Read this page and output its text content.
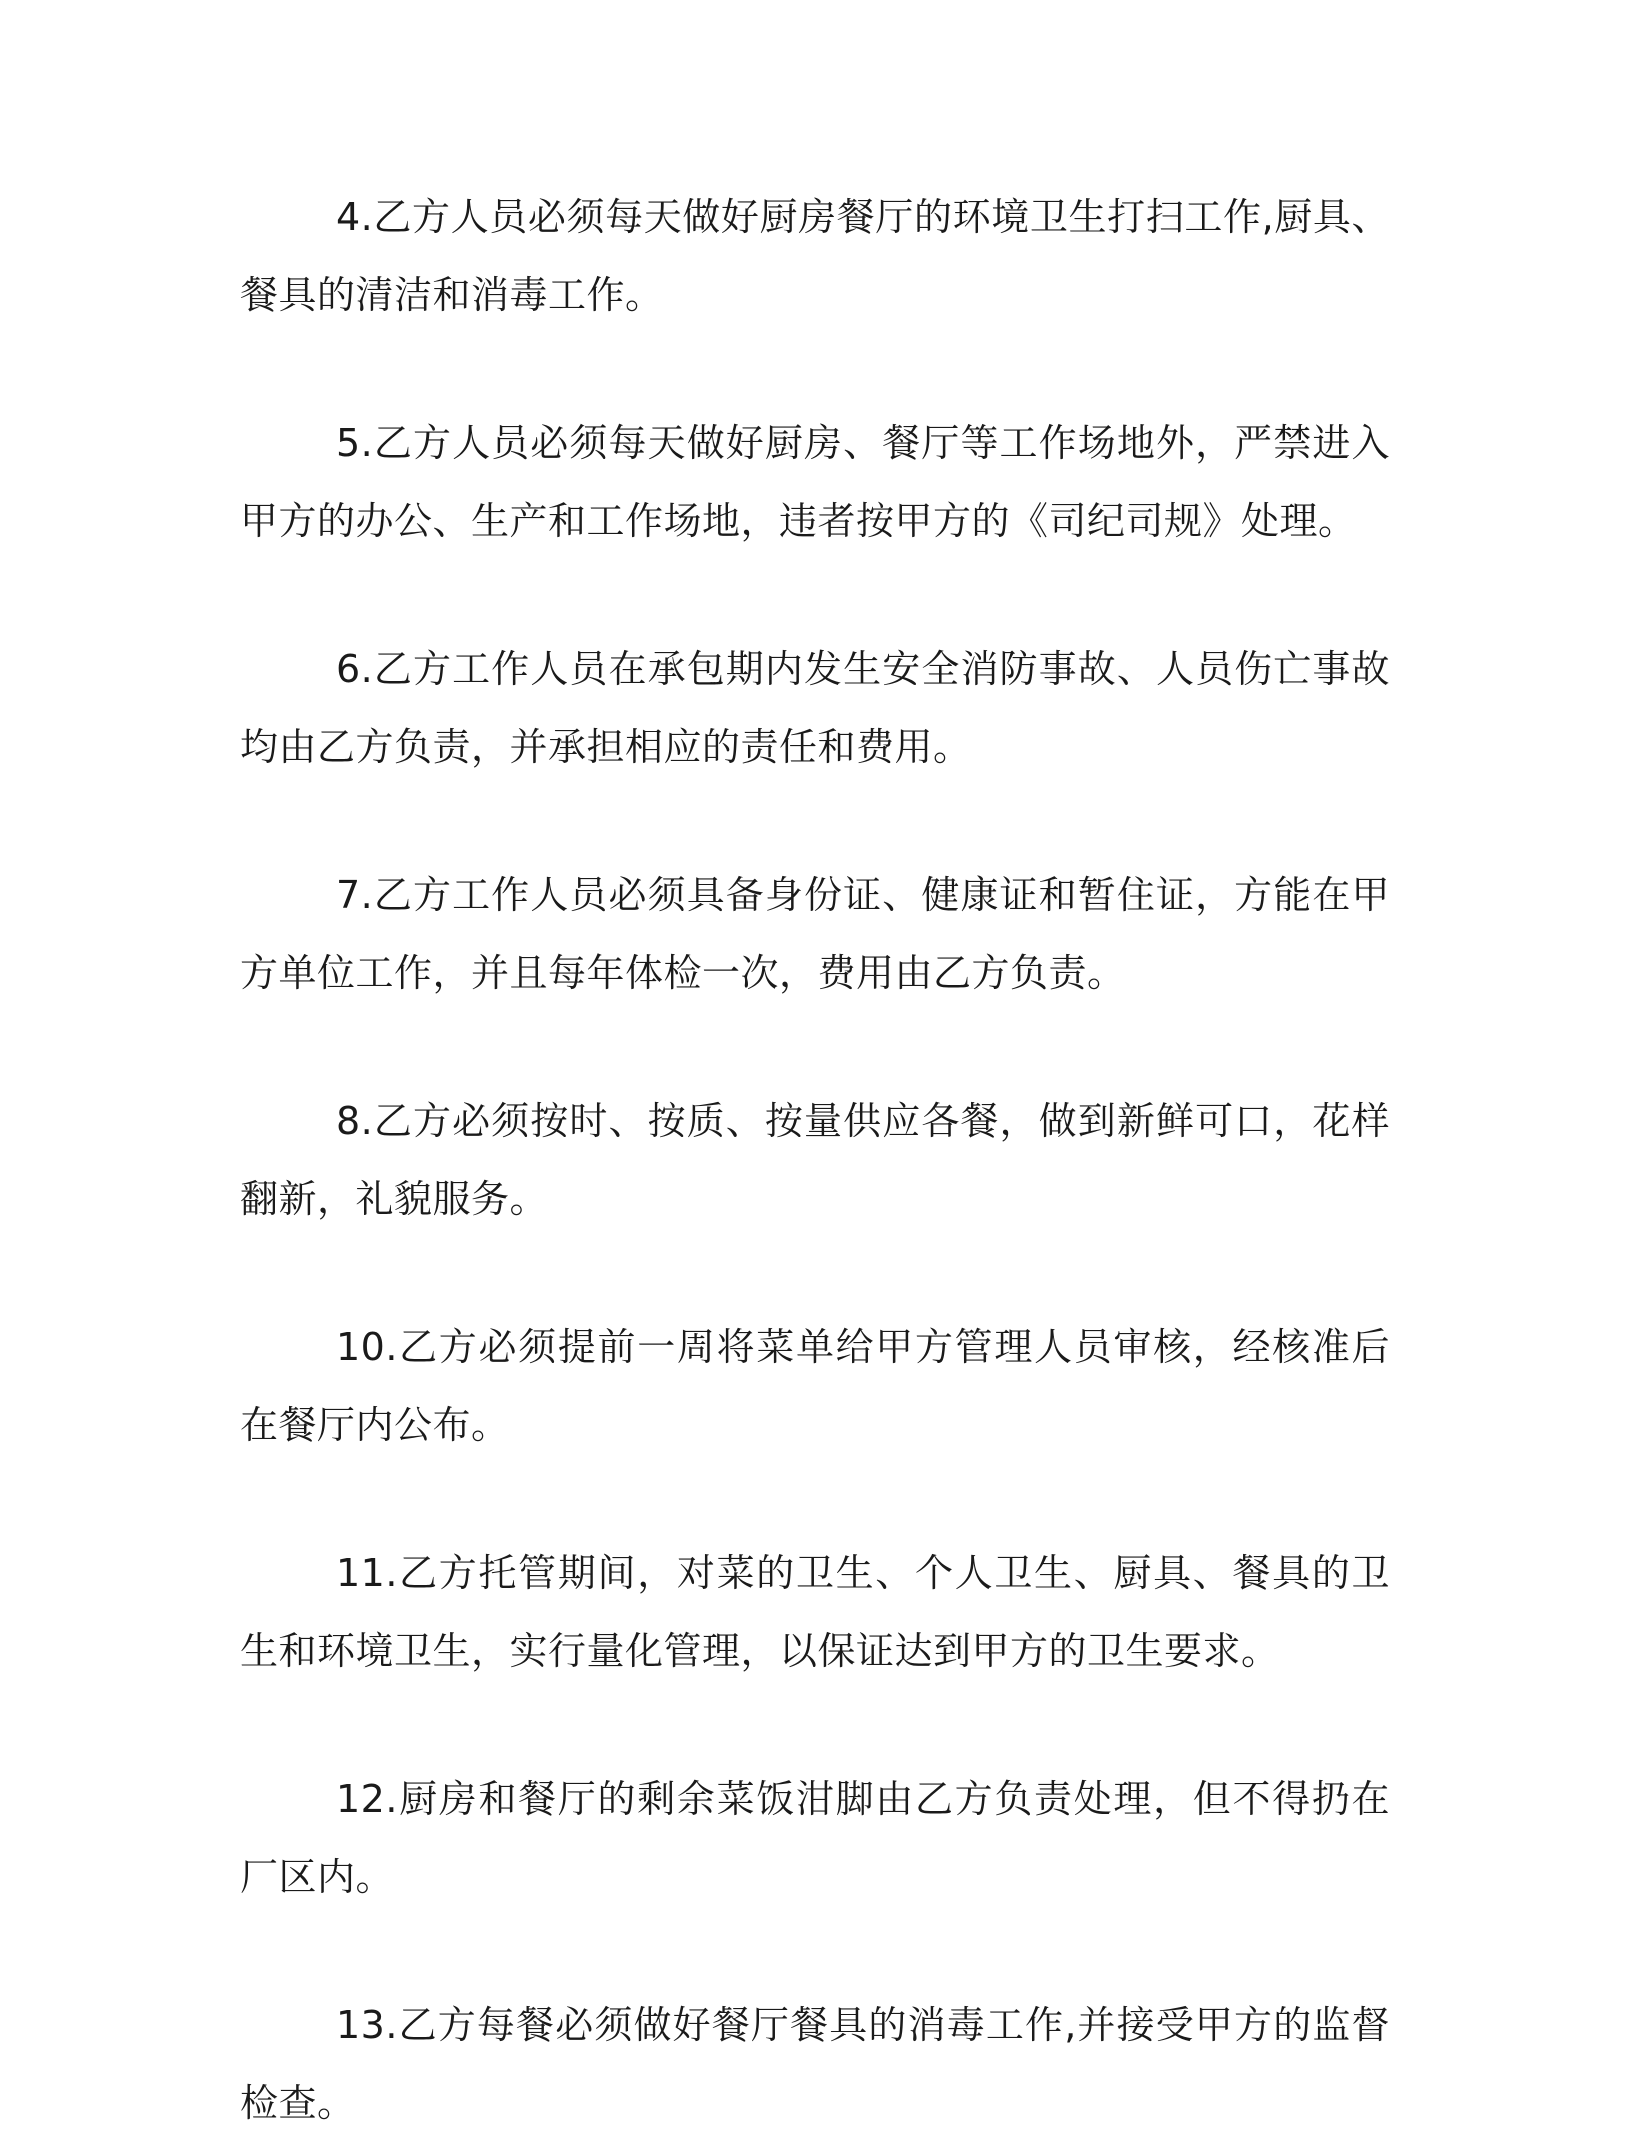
4.乙方人员必须每天做好厨房餐厅的环境卫生打扫工作,厨具、餐具的清洁和消毒工作。

5.乙方人员必须每天做好厨房、餐厅等工作场地外，严禁进入甲方的办公、生产和工作场地，违者按甲方的《司纪司规》处理。

6.乙方工作人员在承包期内发生安全消防事故、人员伤亡事故均由乙方负责，并承担相应的责任和费用。

7.乙方工作人员必须具备身份证、健康证和暂住证，方能在甲方单位工作，并且每年体检一次，费用由乙方负责。

8.乙方必须按时、按质、按量供应各餐，做到新鲜可口，花样翻新，礼貌服务。

10.乙方必须提前一周将菜单给甲方管理人员审核，经核准后在餐厅内公布。

11.乙方托管期间，对菜的卫生、个人卫生、厨具、餐具的卫生和环境卫生，实行量化管理，以保证达到甲方的卫生要求。

12.厨房和餐厅的剩余菜饭泔脚由乙方负责处理，但不得扔在厂区内。

13.乙方每餐必须做好餐厅餐具的消毒工作,并接受甲方的监督检查。
